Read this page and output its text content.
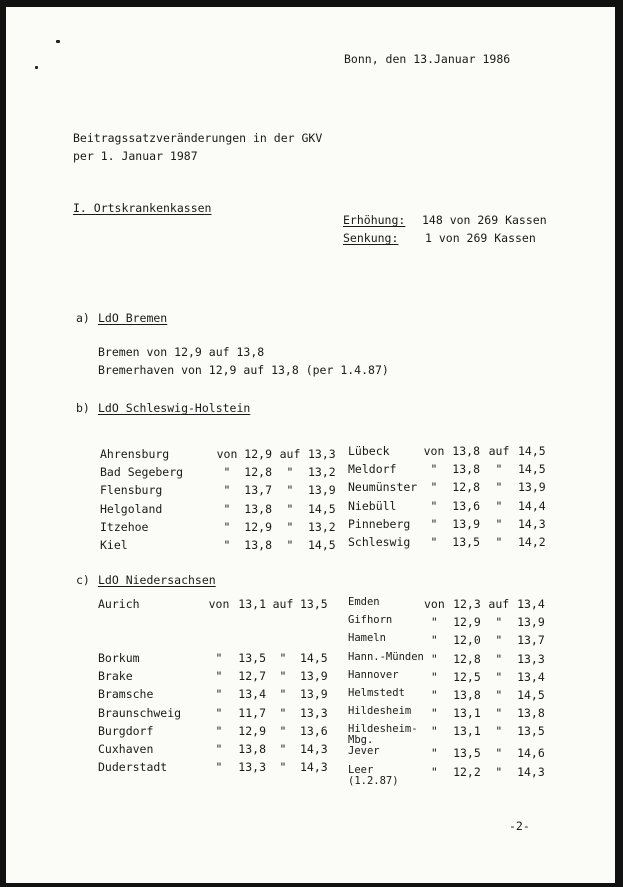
Bonn, den 13.Januar 1986
Beitragssatzveränderungen in der GKV
per 1. Januar 1987
I. Ortskrankenkassen
Erhöhung: 148 von 269 Kassen
Senkung: 1 von 269 Kassen
a) LdO Bremen
Bremen von 12,9 auf 13,8
Bremerhaven von 12,9 auf 13,8 (per 1.4.87)
b) LdO Schleswig-Holstein
Ahrensburg	von	12,9	auf	13,3
Bad Segeberg	"	12,8	"	13,2
Flensburg	"	13,7	"	13,9
Helgoland	"	13,8	"	14,5
Itzehoe	"	12,9	"	13,2
Kiel	"	13,8	"	14,5
Lübeck	von	13,8	auf	14,5
Meldorf	"	13,8	"	14,5
Neumünster	"	12,8	"	13,9
Niebüll	"	13,6	"	14,4
Pinneberg	"	13,9	"	14,3
Schleswig	"	13,5	"	14,2
c) LdO Niedersachsen
Aurich	von	13,1	auf	13,5
Borkum	"	13,5	"	14,5
Brake	"	12,7	"	13,9
Bramsche	"	13,4	"	13,9
Braunschweig	"	11,7	"	13,3
Burgdorf	"	12,9	"	13,6
Cuxhaven	"	13,8	"	14,3
Duderstadt	"	13,3	"	14,3
Emden	von	12,3	auf	13,4
Gifhorn	"	12,9	"	13,9
Hameln	"	12,0	"	13,7
Hann.-Münden	"	12,8	"	13,3
Hannover	"	12,5	"	13,4
Helmstedt	"	13,8	"	14,5
Hildesheim	"	13,1	"	13,8
Hildesheim-Mbg.	"	13,1	"	13,5
Jever	"	13,5	"	14,6
Leer (1.2.87)	"	12,2	"	14,3
-2-
